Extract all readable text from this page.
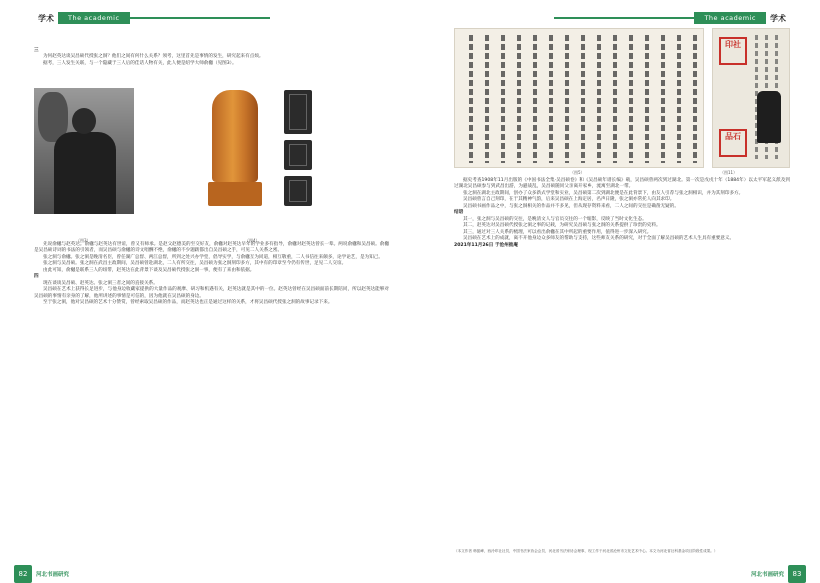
学术	The academic

三

为何赵英达谈吴昌硕代授张之洞？他们之间有何什么关系？须考，这里首先是事情的发生，研究起来有点烦。

据考，三人发生关联，与一个隐藏于三人后的佳话人物有关，此人便是绍学大师俞樾（见图3）。

（图3）	（图4）

先说俞樾与赵英达。俞樾与赵英达有世谊，曾又有师承。是赵父赵德美的至交好友，俞樾对赵英达早年的学业多有指导，俞樾对赵英达曾长一辈。两说俞樾和吴昌硕。俞樾是吴昌硕诗词的书法的引领者，而吴昌硕与俞樾的诗文唱酬不绝，俞樾的不少题跋都出自吴昌硕之手，可见二人关系之密。

张之洞与俞樾。张之洞是晚清名臣，曾任湖广总督、两江总督，所到之处兴办学堂，倡导实学，与俞樾互为同道，相互敬重，二人书信往来颇多，论学论艺，是为知己。

张之洞与吴昌硕。张之洞在武昌主政期间，吴昌硕曾赴湖北，二人有所交往，吴昌硕为张之洞刻印多方，其中有的印章至今仍有传世，足见二人交谊。

由此可知，俞樾是联系三人的纽带，赵英达在此背景下谈及吴昌硕代授张之洞一事，便有了来由和依据。

四

现在谈谈吴昌硕、赵英达、张之洞三者之间的直接关系。

吴昌硕在艺术上获得长足进步，与他身边收藏家提供的大量作品的观摩、研习和机遇有关，赵英达就是其中的一位。赵英达曾经在吴昌硕面前长期陪同，所以赵英达能够对吴昌硕的事情有亲身的了解，他所讲述的事情是可信的，因为他就在吴昌硕的身边。

至于张之洞，他对吴昌硕的艺术十分赞赏，曾经索取吴昌硕的作品，而赵英达也正是通过这样的关系，才将吴昌硕代授张之洞的故事记录下来。

82	河北书画研究
学术
The academic
83
河北书画研究
印社
品石
（图5）	（图11）

据史考查1908年11月出版的《中国书法全集·吴昌硕卷》和《吴昌硕年谱长编》载，吴昌硕曾两次到过湖北。第一次是戊戌十年（1884年）以太平军起义派及到过湖北吴昌硕参与到武昌出游，为避战乱，吴昌硕随同父亲离开家乡，流寓至湖北一带。

张之洞在湖北主政期间，创办了众多新式学堂和实业，吴昌硕第二次到湖北便是在此背景下，由友人引荐与张之洞相识，并为其刻印多方。

吴昌硕曾言自己刻印，在于其精神气韵，后来吴昌硕在上海定居，名声日隆，张之洞亦常托人向其求印。

吴昌硕书画作品之中，与张之洞相关的作品并不多见，但从现存资料来看，二人之间的交往是确凿无疑的。

结语

其一，张之洞与吴昌硕的交往，是晚清文人与官员交往的一个缩影，反映了当时文化生态。

其二，赵英达对吴昌硕代授张之洞之事的记载，为研究吴昌硕与张之洞的关系提供了珍贵的史料。

其三，通过对三人关系的梳理，可以看出俞樾在其中所起的重要作用，值得进一步深入研究。

吴昌硕在艺术上的成就，离不开他身边众多师友的帮助与支持，这些师友关系的研究，对于全面了解吴昌硕的艺术人生具有重要意义。

2021年11月26日 于沧州拙庵

（本文作者 韩振峰，西泠印社社员，中国书法家协会会员，河北省书法家协会理事，现工作于河北省沧州市文化艺术中心。本文为河北省社科基金项目阶段性成果。）
